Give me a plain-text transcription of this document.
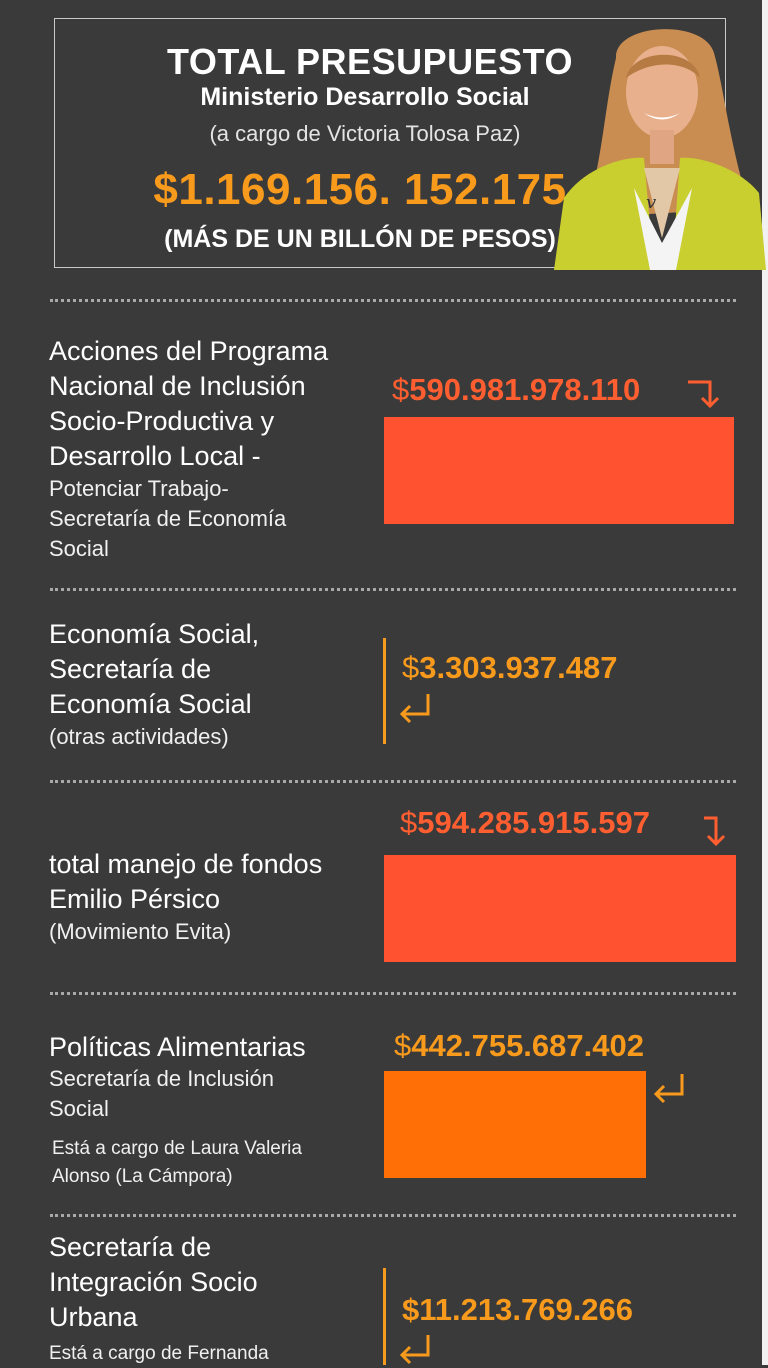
TOTAL PRESUPUESTO
Ministerio Desarrollo Social
(a cargo de Victoria Tolosa Paz)
$1.169.156. 152.175
(MÁS DE UN BILLÓN DE PESOS)
v
Acciones del Programa
Nacional de Inclusión
Socio-Productiva y
Desarrollo Local -
Potenciar Trabajo-
Secretaría de Economía
Social
$590.981.978.110
Economía Social,
Secretaría de
Economía Social
(otras actividades)
$3.303.937.487
$594.285.915.597
total manejo de fondos
Emilio Pérsico
(Movimiento Evita)
Políticas Alimentarias
Secretaría de Inclusión
Social
Está a cargo de Laura Valeria
Alonso (La Cámpora)
$442.755.687.402
Secretaría de
Integración Socio
Urbana
Está a cargo de Fernanda
$11.213.769.266
